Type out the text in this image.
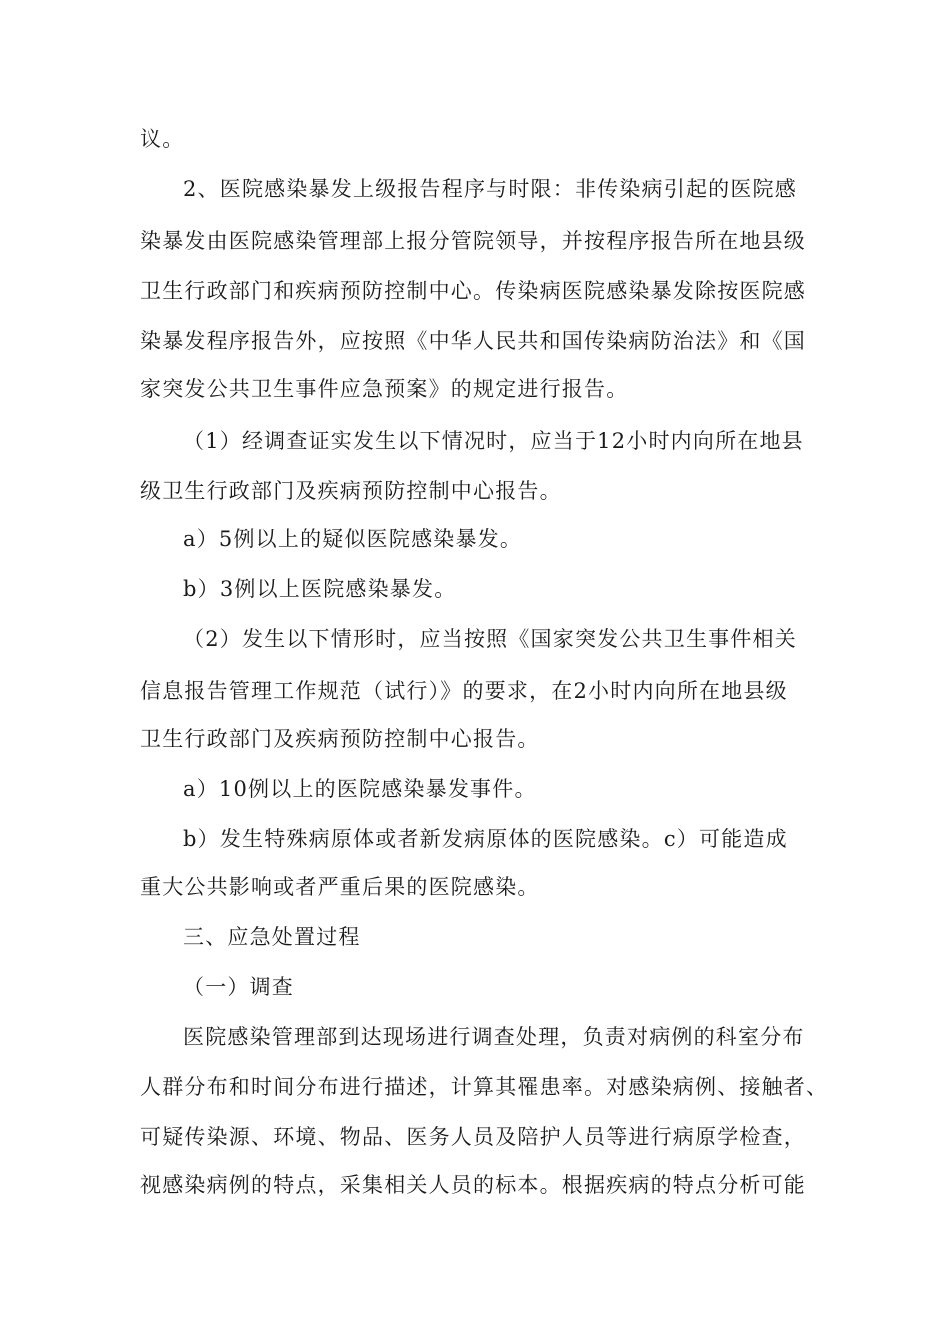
议。
2、医院感染暴发上级报告程序与时限：非传染病引起的医院感
染暴发由医院感染管理部上报分管院领导，并按程序报告所在地县级
卫生行政部门和疾病预防控制中心。传染病医院感染暴发除按医院感
染暴发程序报告外，应按照《中华人民共和国传染病防治法》和《国
家突发公共卫生事件应急预案》的规定进行报告。
（1）经调查证实发生以下情况时，应当于12小时内向所在地县
级卫生行政部门及疾病预防控制中心报告。
a）5例以上的疑似医院感染暴发。
b）3例以上医院感染暴发。
（2）发生以下情形时，应当按照《国家突发公共卫生事件相关
信息报告管理工作规范（试行）》的要求，在2小时内向所在地县级
卫生行政部门及疾病预防控制中心报告。
a）10例以上的医院感染暴发事件。
b）发生特殊病原体或者新发病原体的医院感染。c）可能造成
重大公共影响或者严重后果的医院感染。
三、应急处置过程
（一）调查
医院感染管理部到达现场进行调查处理，负责对病例的科室分布
人群分布和时间分布进行描述，计算其罹患率。对感染病例、接触者、
可疑传染源、环境、物品、医务人员及陪护人员等进行病原学检查，
视感染病例的特点，采集相关人员的标本。根据疾病的特点分析可能
